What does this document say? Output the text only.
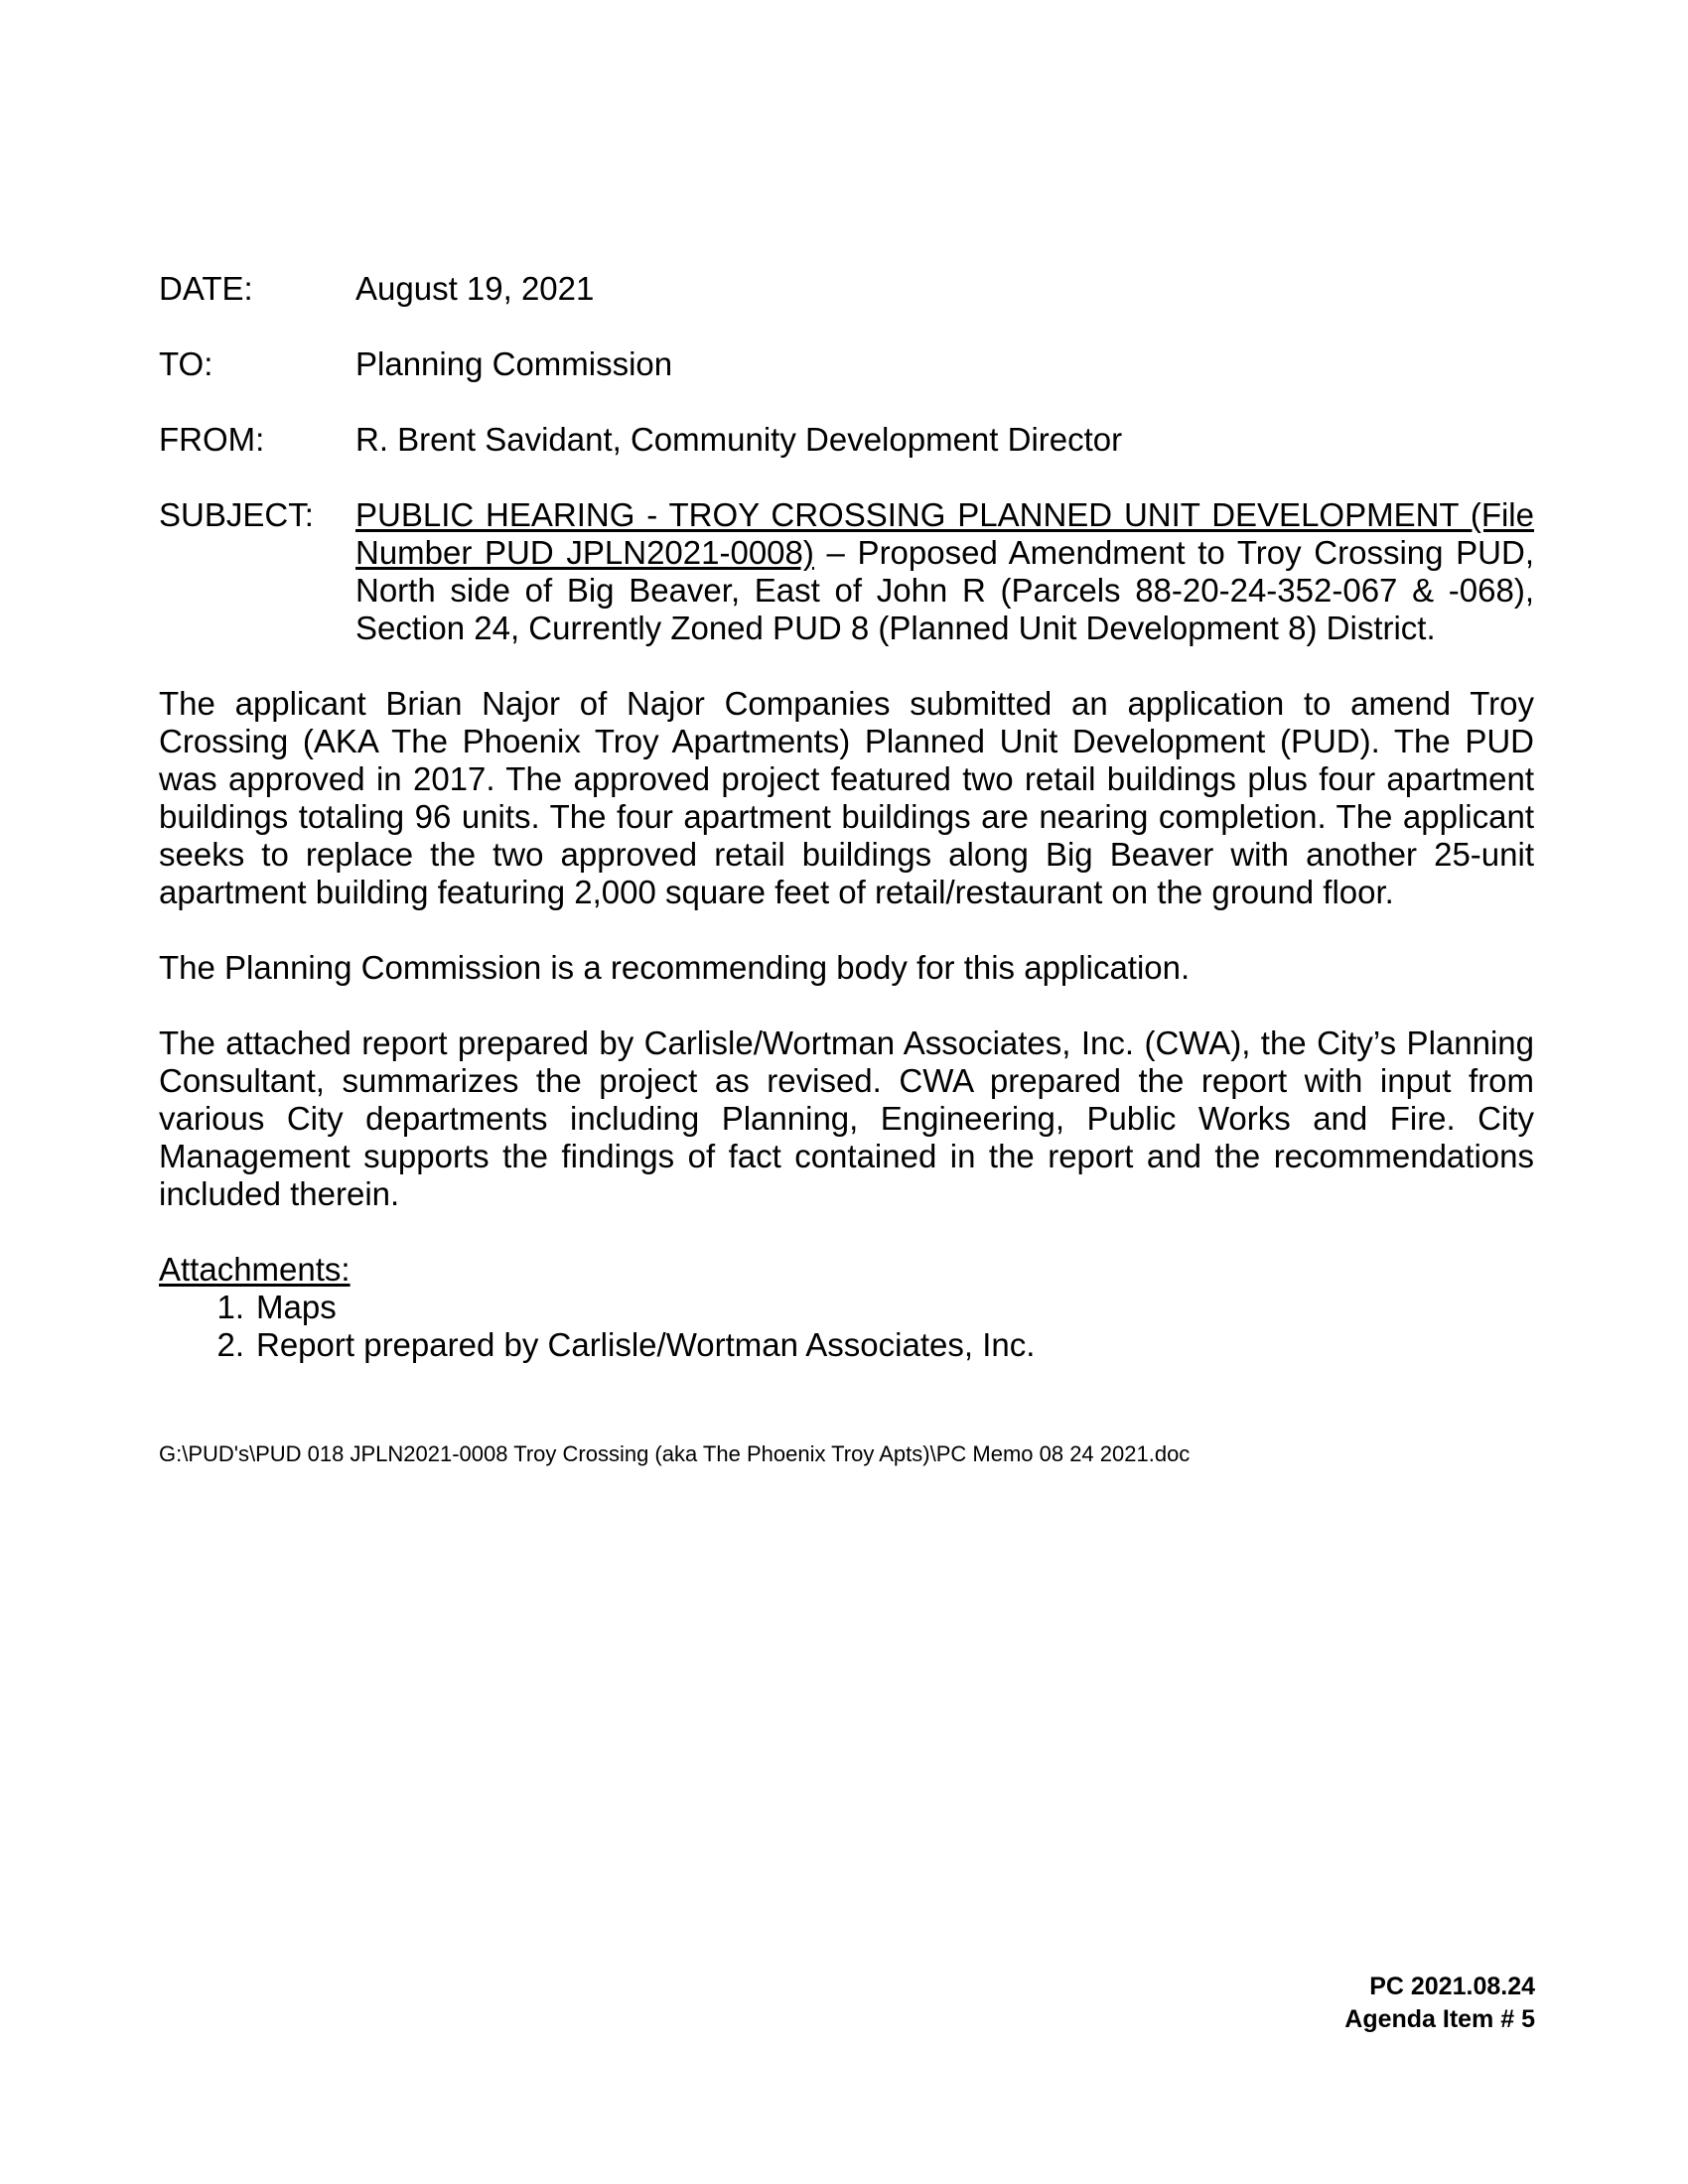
DATE:	August 19, 2021
TO:	Planning Commission
FROM:	R. Brent Savidant, Community Development Director
SUBJECT:	PUBLIC HEARING - TROY CROSSING PLANNED UNIT DEVELOPMENT (File Number PUD JPLN2021-0008) – Proposed Amendment to Troy Crossing PUD, North side of Big Beaver, East of John R (Parcels 88-20-24-352-067 & -068), Section 24, Currently Zoned PUD 8 (Planned Unit Development 8) District.

The applicant Brian Najor of Najor Companies submitted an application to amend Troy Crossing (AKA The Phoenix Troy Apartments) Planned Unit Development (PUD). The PUD was approved in 2017. The approved project featured two retail buildings plus four apartment buildings totaling 96 units. The four apartment buildings are nearing completion. The applicant seeks to replace the two approved retail buildings along Big Beaver with another 25-unit apartment building featuring 2,000 square feet of retail/restaurant on the ground floor.

The Planning Commission is a recommending body for this application.

The attached report prepared by Carlisle/Wortman Associates, Inc. (CWA), the City’s Planning Consultant, summarizes the project as revised. CWA prepared the report with input from various City departments including Planning, Engineering, Public Works and Fire. City Management supports the findings of fact contained in the report and the recommendations included therein.

Attachments:
1. Maps
2. Report prepared by Carlisle/Wortman Associates, Inc.
G:\PUD's\PUD 018 JPLN2021-0008 Troy Crossing (aka The Phoenix Troy Apts)\PC Memo 08 24 2021.doc
PC 2021.08.24
Agenda Item # 5
